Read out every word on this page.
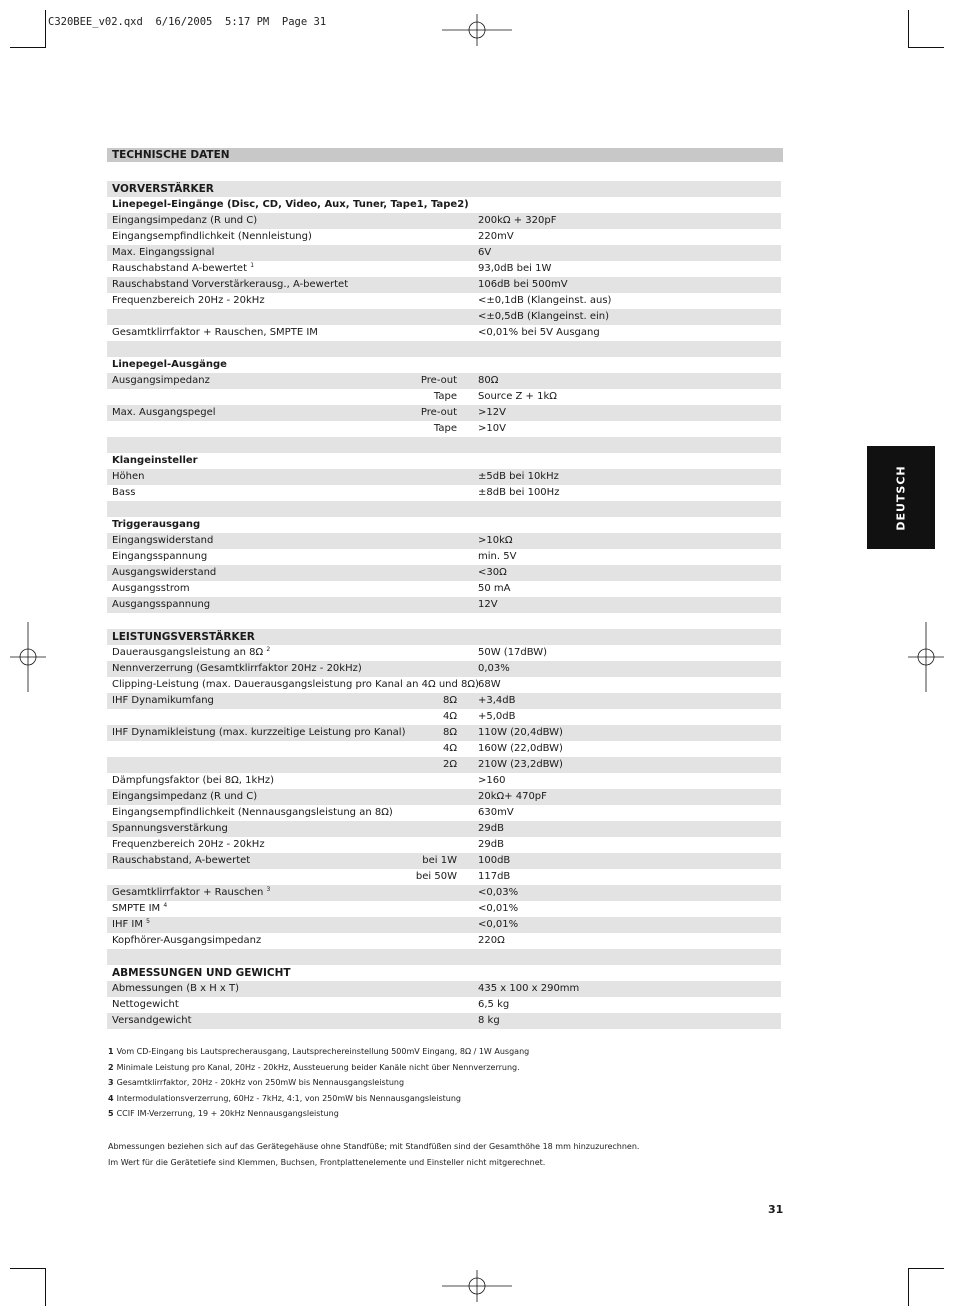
C320BEE_v02.qxd  6/16/2005  5:17 PM  Page 31
TECHNISCHE DATEN
VORVERSTÄRKER
Linepegel-Eingänge (Disc, CD, Video, Aux, Tuner, Tape1, Tape2)
Eingangsimpedanz (R und C)	200kΩ + 320pF
Eingangsempfindlichkeit (Nennleistung)	220mV
Max. Eingangssignal	6V
Rauschabstand A-bewertet $^1$	93,0dB bei 1W
Rauschabstand Vorverstärkerausg., A-bewertet	106dB bei 500mV
Frequenzbereich 20Hz - 20kHz	<±0,1dB (Klangeinst. aus)
<±0,5dB (Klangeinst. ein)
Gesamtklirrfaktor + Rauschen, SMPTE IM	<0,01% bei 5V Ausgang
Linepegel-Ausgänge
Ausgangsimpedanz	Pre-out 80Ω
Tape Source Z + 1kΩ
Max. Ausgangspegel	Pre-out >12V
Tape >10V
Klangeinsteller
Höhen	±5dB bei 10kHz
Bass	±8dB bei 100Hz
Triggerausgang
Eingangswiderstand	>10kΩ
Eingangsspannung	min. 5V
Ausgangswiderstand	<30Ω
Ausgangsstrom	50 mA
Ausgangsspannung	12V
LEISTUNGSVERSTÄRKER
Dauerausgangsleistung an 8Ω $^2$	50W (17dBW)
Nennverzerrung (Gesamtklirrfaktor 20Hz - 20kHz)	0,03%
Clipping-Leistung (max. Dauerausgangsleistung pro Kanal an 4Ω und 8Ω) 68W
IHF Dynamikumfang	8Ω +3,4dB
4Ω +5,0dB
IHF Dynamikleistung (max. kurzzeitige Leistung pro Kanal)	8Ω 110W (20,4dBW)
4Ω 160W (22,0dBW)
2Ω 210W (23,2dBW)
Dämpfungsfaktor (bei 8Ω, 1kHz)	>160
Eingangsimpedanz (R und C)	20kΩ+ 470pF
Eingangsempfindlichkeit (Nennausgangsleistung an 8Ω)	630mV
Spannungsverstärkung	29dB
Frequenzbereich 20Hz - 20kHz	29dB
Rauschabstand, A-bewertet	bei 1W 100dB
bei 50W 117dB
Gesamtklirrfaktor + Rauschen $^3$	<0,03%
SMPTE IM $^4$	<0,01%
IHF IM $^5$	<0,01%
Kopfhörer-Ausgangsimpedanz	220Ω
ABMESSUNGEN UND GEWICHT
Abmessungen (B x H x T)	435 x 100 x 290mm
Nettogewicht	6,5 kg
Versandgewicht	8 kg
DEUTSCH
1 Vom CD-Eingang bis Lautsprecherausgang, Lautsprechereinstellung 500mV Eingang, 8Ω / 1W Ausgang
2 Minimale Leistung pro Kanal, 20Hz - 20kHz, Aussteuerung beider Kanäle nicht über Nennverzerrung.
3 Gesamtklirrfaktor, 20Hz - 20kHz von 250mW bis Nennausgangsleistung
4 Intermodulationsverzerrung, 60Hz - 7kHz, 4:1, von 250mW bis Nennausgangsleistung
5 CCIF IM-Verzerrung, 19 + 20kHz Nennausgangsleistung
Abmessungen beziehen sich auf das Gerätegehäuse ohne Standfüße; mit Standfüßen sind der Gesamthöhe 18 mm hinzuzurechnen.
Im Wert für die Gerätetiefe sind Klemmen, Buchsen, Frontplattenelemente und Einsteller nicht mitgerechnet.
31
